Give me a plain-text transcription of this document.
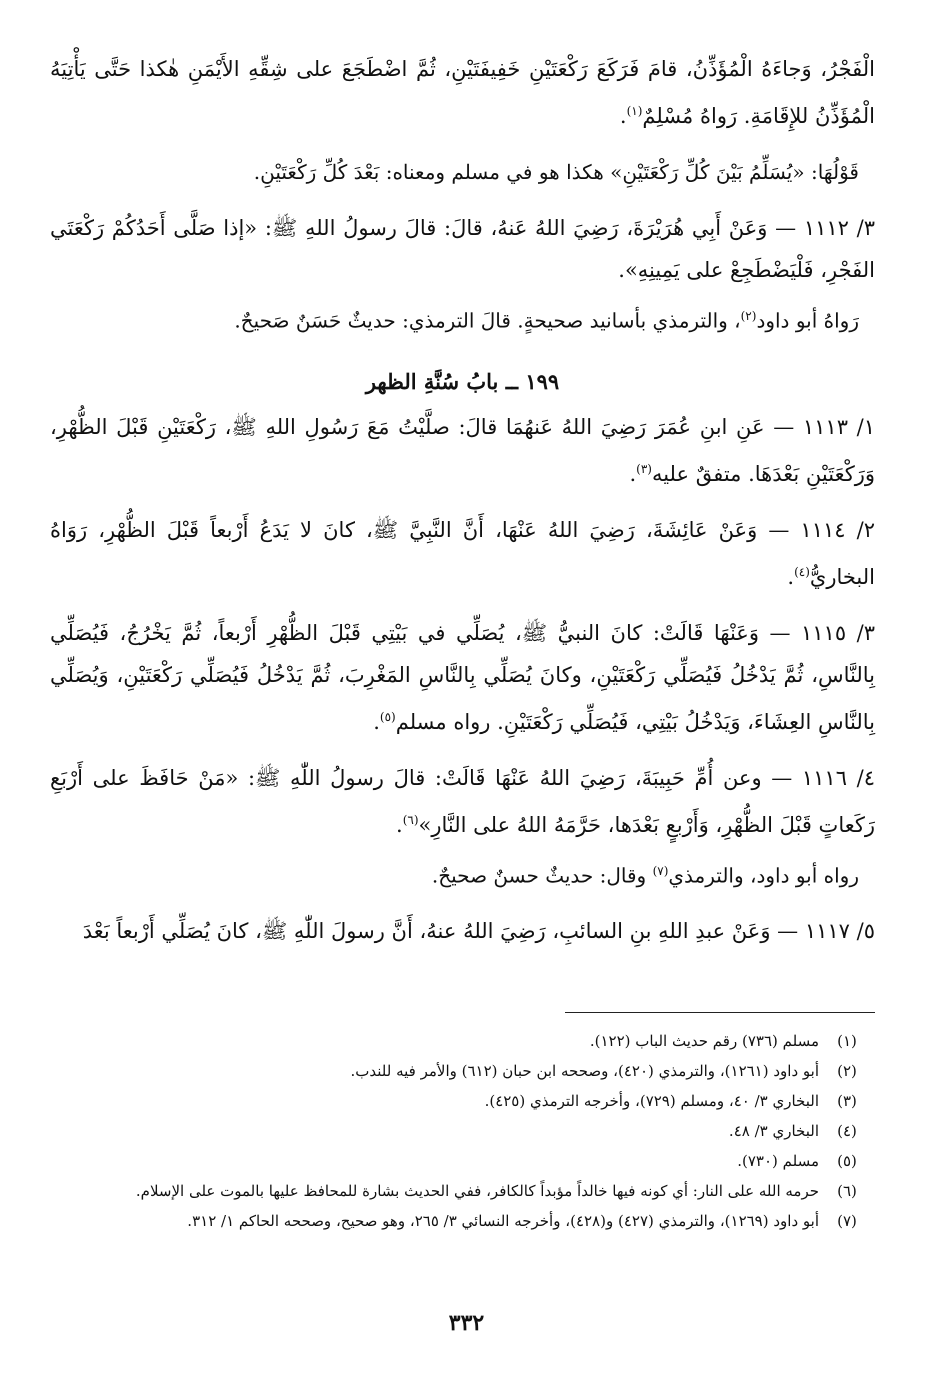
الْفَجْرُ، وَجاءَهُ الْمُؤَذِّنُ، قامَ فَرَكَعَ رَكْعَتَيْنِ خَفِيفَتَيْنِ، ثُمَّ اضْطَجَعَ على شِقِّهِ الأَيْمَنِ هٰكذا حَتَّى يَأْتِيَهُ الْمُؤَذِّنُ للإِقَامَةِ. رَواهُ مُسْلِمٌ$^{(١)}$.

قَوْلُهَا: «يُسَلِّمُ بَيْنَ كُلِّ رَكْعَتَيْنِ» هكذا هو في مسلم ومعناه: بَعْدَ كُلِّ رَكْعَتَيْنِ.

٣/ ١١١٢ — وَعَنْ أَبِي هُرَيْرَةَ، رَضِيَ اللهُ عَنهُ، قالَ: قالَ رسولُ اللهِ ﷺ: «إذا صَلَّى أَحَدُكُمْ رَكْعَتَي الفَجْرِ، فَلْيَضْطَجِعْ على يَمِينِهِ».

رَواهُ أبو داود$^{(٢)}$، والترمذي بأسانيد صحيحةٍ. قالَ الترمذي: حديثٌ حَسَنٌ صَحيحٌ.

١٩٩ ــ بابُ سُنَّةِ الظهر

١/ ١١١٣ — عَنِ ابنِ عُمَرَ رَضِيَ اللهُ عَنهُمَا قالَ: صلَّيْتُ مَعَ رَسُولِ اللهِ ﷺ، رَكْعَتَيْنِ قَبْلَ الظُّهْرِ، وَرَكْعَتَيْنِ بَعْدَهَا. متفقٌ عليه$^{(٣)}$.

٢/ ١١١٤ — وَعَنْ عَائِشَةَ، رَضِيَ اللهُ عَنْهَا، أَنَّ النَّبِيَّ ﷺ، كانَ لا يَدَعُ أَرْبعاً قَبْلَ الظُّهْرِ، رَوَاهُ البخاريُّ$^{(٤)}$.

٣/ ١١١٥ — وَعَنْهَا قَالَتْ: كانَ النبيُّ ﷺ، يُصَلِّي في بَيْتِي قَبْلَ الظُّهْرِ أَرْبعاً، ثُمَّ يَخْرُجُ، فَيُصَلِّي بِالنَّاسِ، ثُمَّ يَدْخُلُ فَيُصَلِّي رَكْعَتَيْنِ، وكانَ يُصَلِّي بِالنَّاسِ المَغْرِبَ، ثُمَّ يَدْخُلُ فَيُصَلِّي رَكْعَتَيْنِ، وَيُصَلِّي بِالنَّاسِ العِشَاءَ، وَيَدْخُلُ بَيْتِي، فَيُصَلِّي رَكْعَتَيْنِ. رواه مسلم$^{(٥)}$.

٤/ ١١١٦ — وعن أُمِّ حَبِيبَةَ، رَضِيَ اللهُ عَنْهَا قَالَتْ: قالَ رسولُ اللّٰهِ ﷺ: «مَنْ حَافَظَ على أَرْبَعِ رَكَعاتٍ قَبْلَ الظُّهْرِ، وَأَرْبعٍ بَعْدَها، حَرَّمَهُ اللهُ على النَّارِ»$^{(٦)}$.

رواه أبو داود، والترمذي$^{(٧)}$ وقال: حديثٌ حسنٌ صحيحٌ.

٥/ ١١١٧ — وَعَنْ عبدِ اللهِ بنِ السائبِ، رَضِيَ اللهُ عنهُ، أَنَّ رسولَ اللّٰهِ ﷺ، كانَ يُصَلِّي أَرْبعاً بَعْدَ

(١)
مسلم (٧٣٦) رقم حديث الباب (١٢٢).
(٢)
أبو داود (١٢٦١)، والترمذي (٤٢٠)، وصححه ابن حبان (٦١٢) والأمر فيه للندب.
(٣)
البخاري ٣/ ٤٠، ومسلم (٧٢٩)، وأخرجه الترمذي (٤٢٥).
(٤)
البخاري ٣/ ٤٨.
(٥)
مسلم (٧٣٠).
(٦)
حرمه الله على النار: أي كونه فيها خالداً مؤبداً كالكافر، ففي الحديث بشارة للمحافظ عليها بالموت على الإسلام.
(٧)
أبو داود (١٢٦٩)، والترمذي (٤٢٧) و(٤٢٨)، وأخرجه النسائي ٣/ ٢٦٥، وهو صحيح، وصححه الحاكم ١/ ٣١٢.
٣٣٢
